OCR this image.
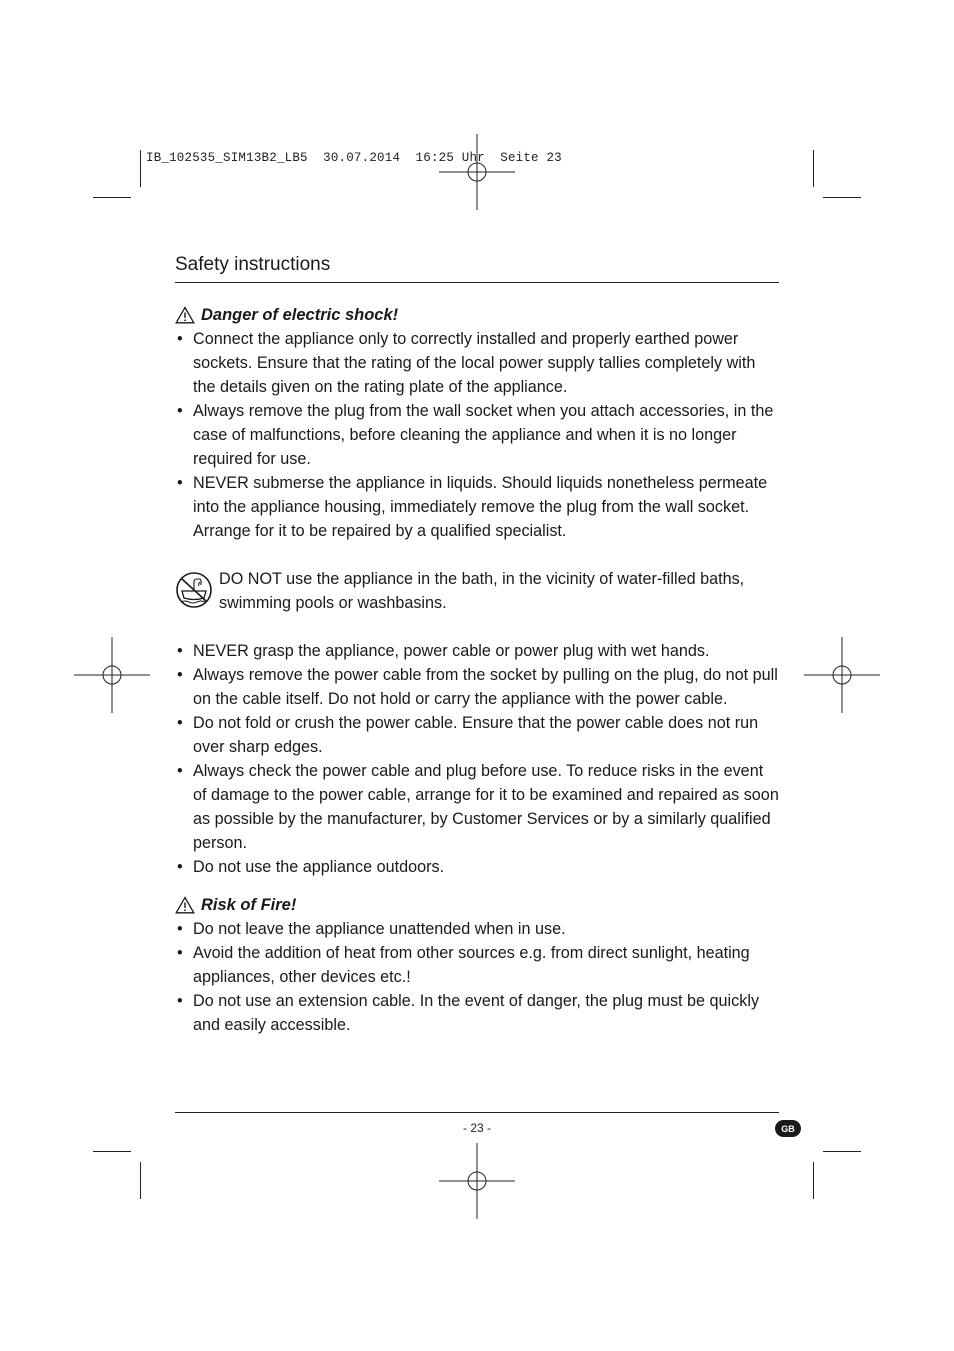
IB_102535_SIM13B2_LB5  30.07.2014  16:25 Uhr  Seite 23
Safety instructions
Danger of electric shock!
• Connect the appliance only to correctly installed and properly earthed power sockets. Ensure that the rating of the local power supply tallies completely with the details given on the rating plate of the appliance.
• Always remove the plug from the wall socket when you attach accessories, in the case of malfunctions, before cleaning the appliance and when it is no longer required for use.
• NEVER submerse the appliance in liquids. Should liquids nonetheless permeate into the appliance housing, immediately remove the plug from the wall socket. Arrange for it to be repaired by a qualified specialist.
DO NOT use the appliance in the bath, in the vicinity of water-filled baths, swimming pools or washbasins.
• NEVER grasp the appliance, power cable or power plug with wet hands.
• Always remove the power cable from the socket by pulling on the plug, do not pull on the cable itself. Do not hold or carry the appliance with the power cable.
• Do not fold or crush the power cable. Ensure that the power cable does not run over sharp edges.
• Always check the power cable and plug before use. To reduce risks in the event of damage to the power cable, arrange for it to be examined and repaired as soon as possible by the manufacturer, by Customer Services or by a similarly qualified person.
• Do not use the appliance outdoors.
Risk of Fire!
• Do not leave the appliance unattended when in use.
• Avoid the addition of heat from other sources e.g. from direct sunlight, heating appliances, other devices etc.!
• Do not use an extension cable. In the event of danger, the plug must be quickly and easily accessible.
- 23 -	GB
